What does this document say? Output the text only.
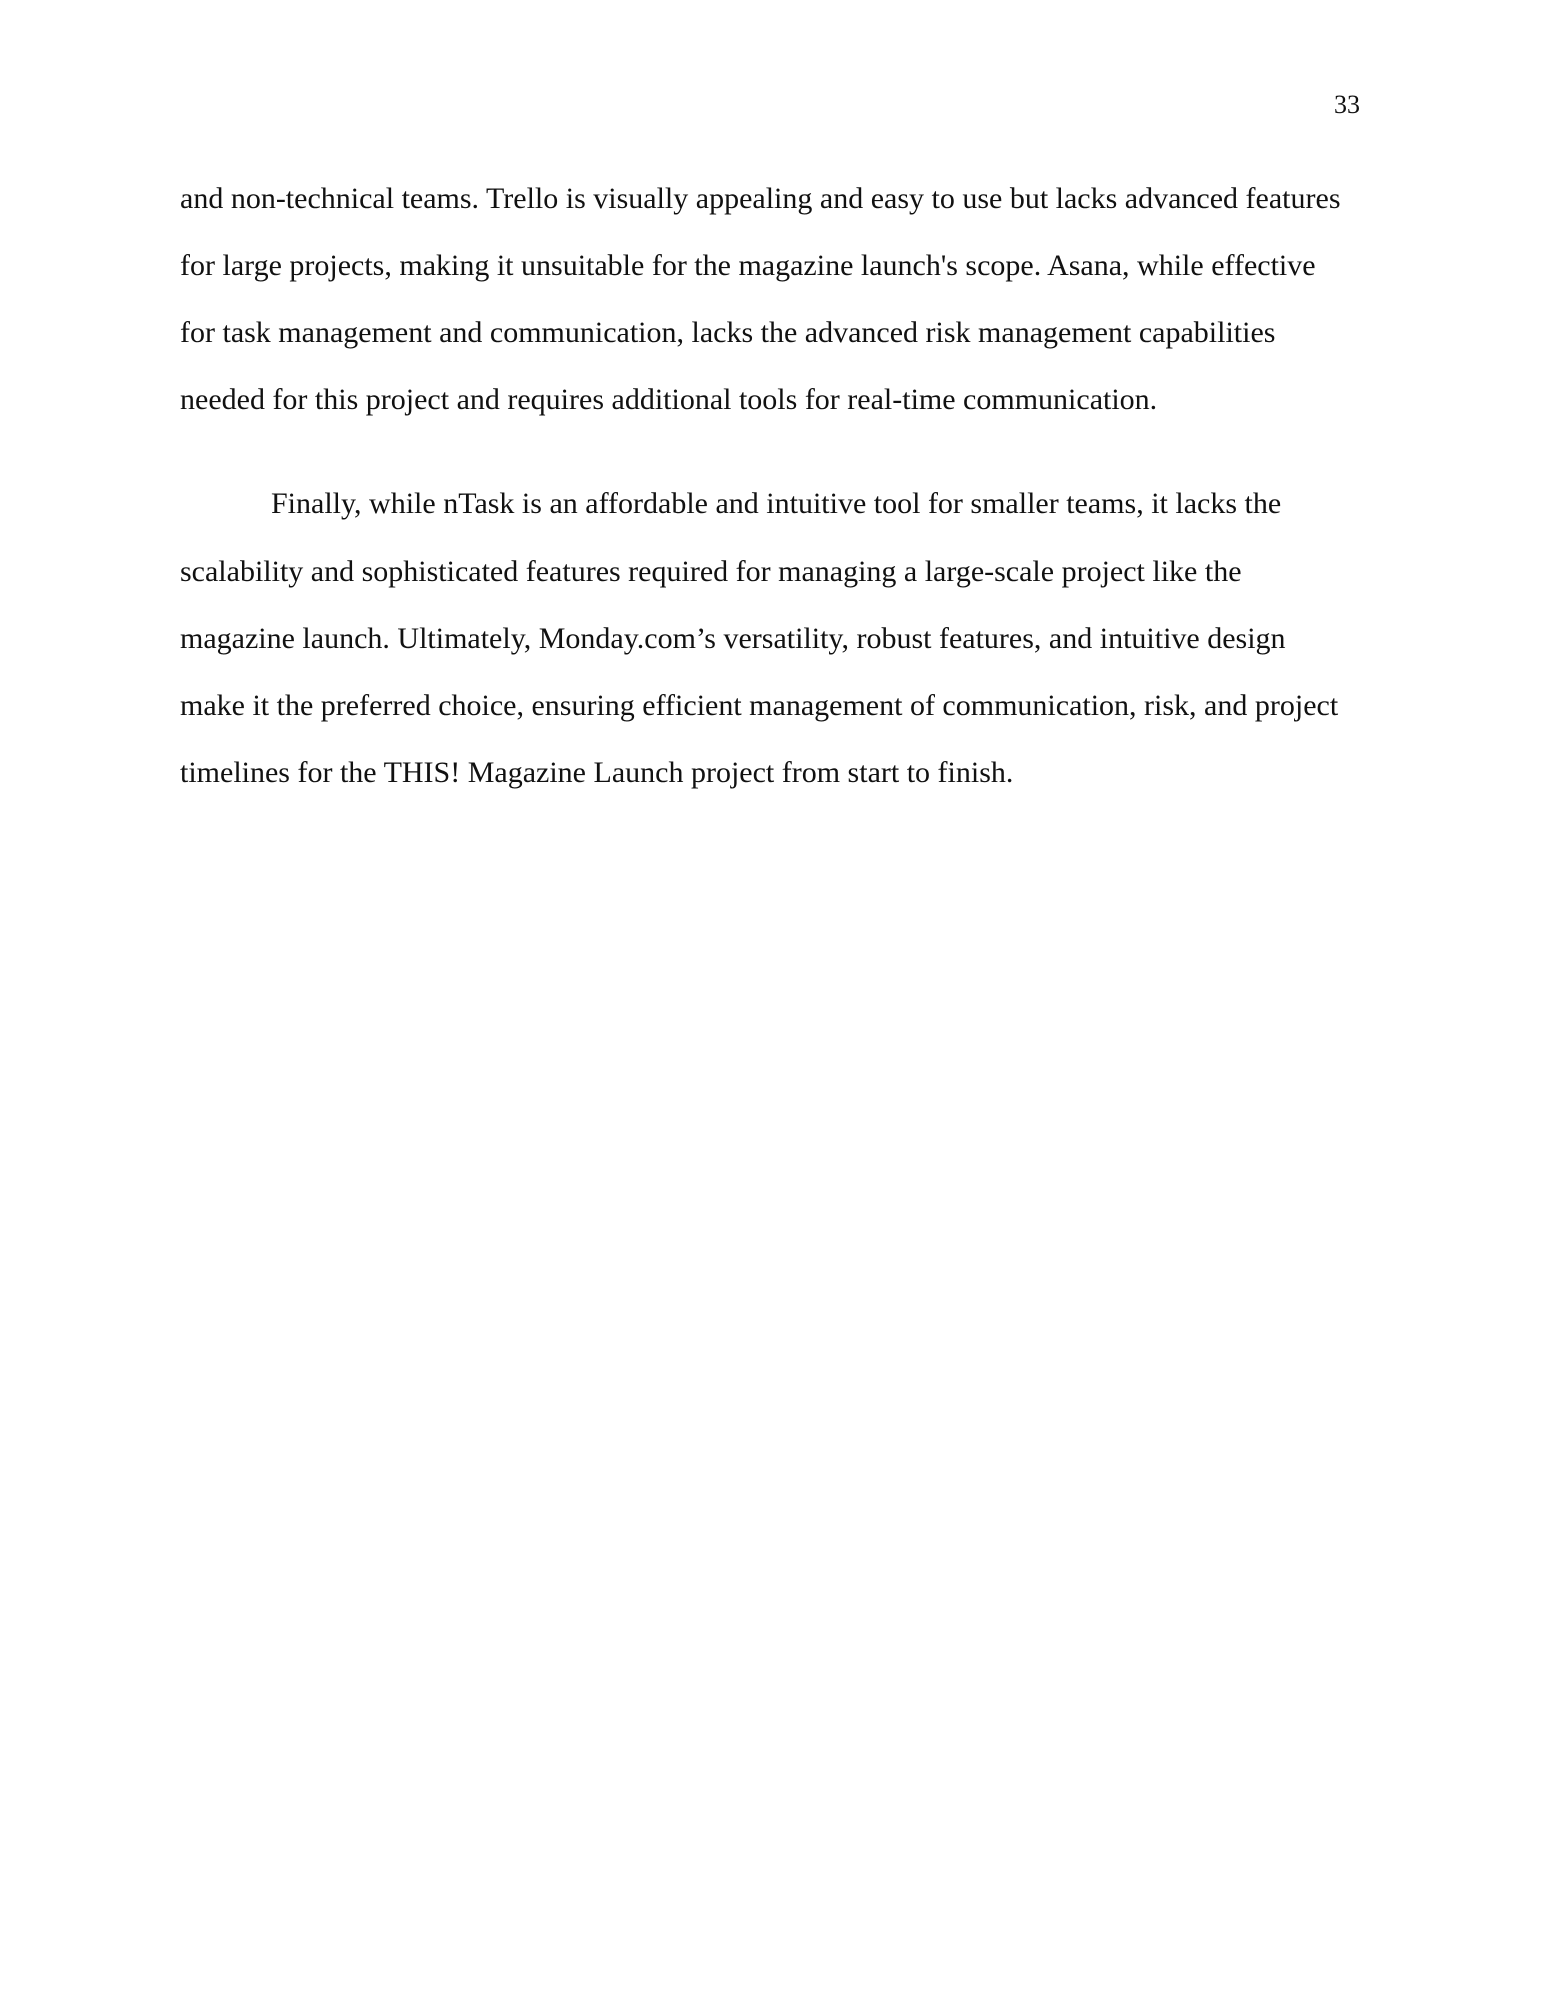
33
and non-technical teams. Trello is visually appealing and easy to use but lacks advanced features
for large projects, making it unsuitable for the magazine launch's scope. Asana, while effective
for task management and communication, lacks the advanced risk management capabilities
needed for this project and requires additional tools for real-time communication.
Finally, while nTask is an affordable and intuitive tool for smaller teams, it lacks the
scalability and sophisticated features required for managing a large-scale project like the
magazine launch. Ultimately, Monday.com’s versatility, robust features, and intuitive design
make it the preferred choice, ensuring efficient management of communication, risk, and project
timelines for the THIS! Magazine Launch project from start to finish.
